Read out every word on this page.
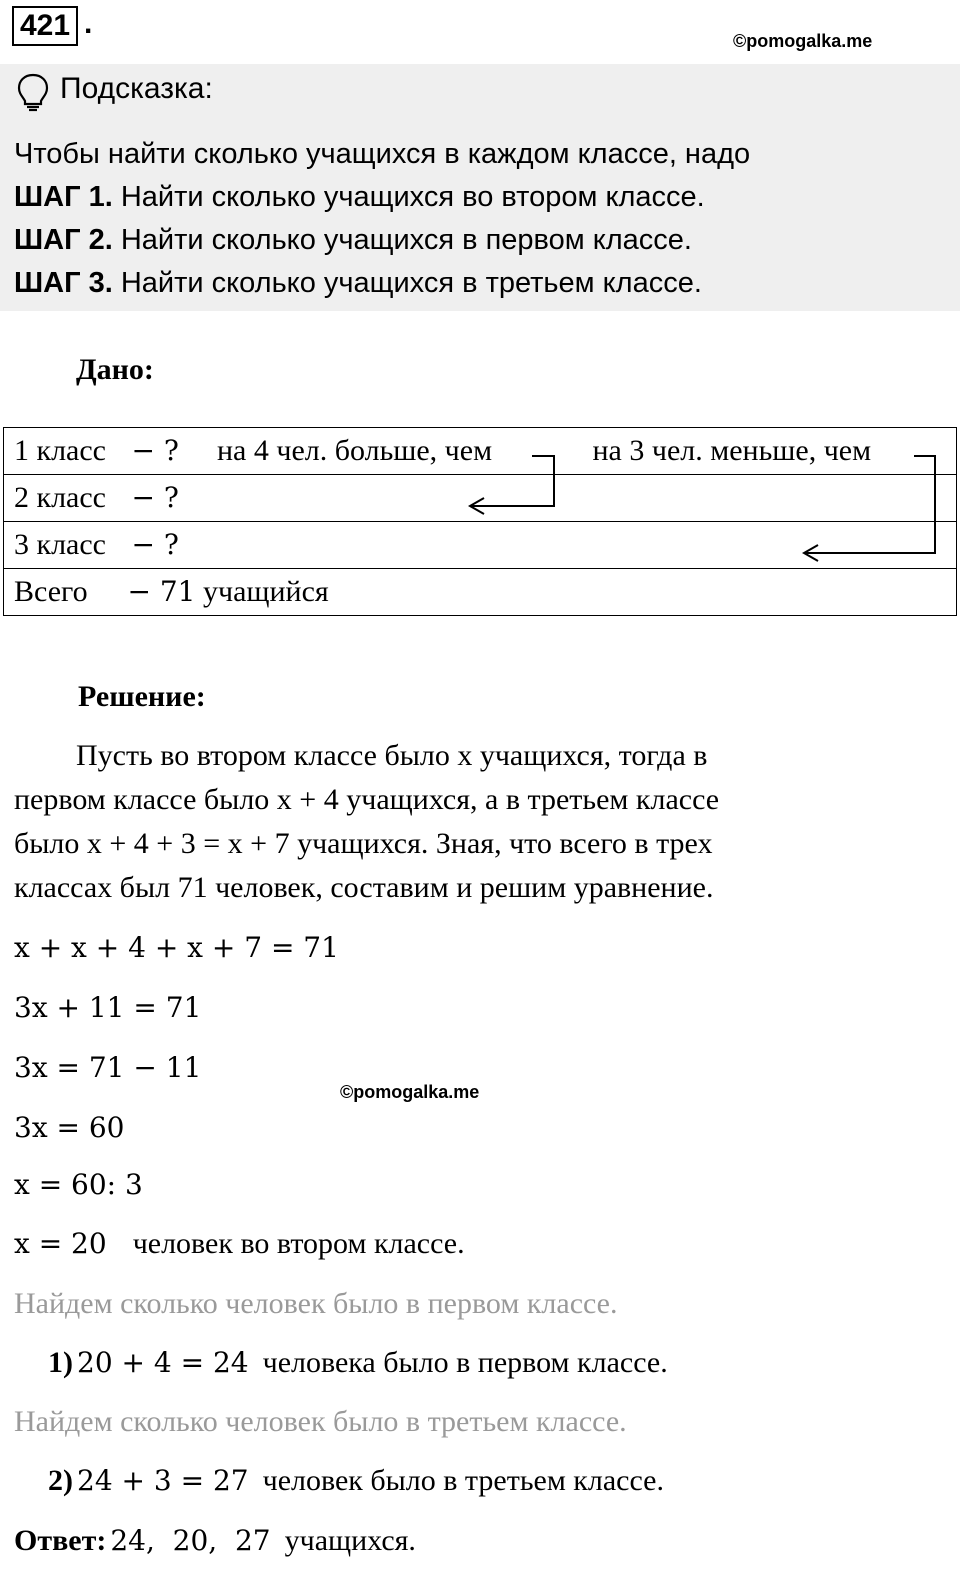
421 .
©pomogalka.me
Подсказка:
Чтобы найти сколько учащихся в каждом классе, надо
ШАГ 1. Найти сколько учащихся во втором классе.
ШАГ 2. Найти сколько учащихся в первом классе.
ШАГ 3. Найти сколько учащихся в третьем классе.
Дано:
1 класс − ? на 4 чел. больше, чем	на 3 чел. меньше, чем
2 класс − ?
3 класс − ?
Всего − 71 учащийся
Решение:
Пусть во втором классе было x учащихся, тогда в
первом классе было x + 4 учащихся, а в третьем классе
было x + 4 + 3 = x + 7 учащихся. Зная, что всего в трех
классах был 71 человек, составим и решим уравнение.
x + x + 4 + x + 7 = 71
3x + 11 = 71
3x = 71 − 11
©pomogalka.me
3x = 60
x = 60: 3
x = 20 человек во втором классе.
Найдем сколько человек было в первом классе.
1) 20 + 4 = 24 человека было в первом классе.
Найдем сколько человек было в третьем классе.
2) 24 + 3 = 27 человек было в третьем классе.
Ответ: 24,  20,  27 учащихся.
